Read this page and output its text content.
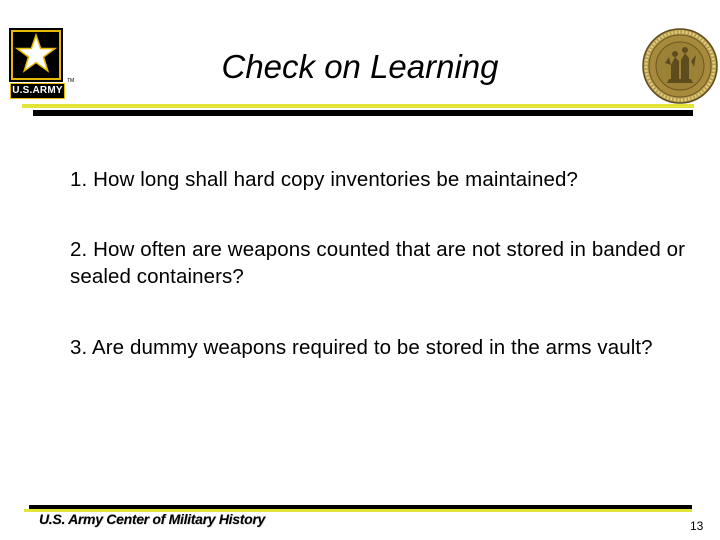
U.S.ARMY
TM	Check on Learning

1. How long shall hard copy inventories be maintained?

2. How often are weapons counted that are not stored in banded or sealed containers?

3. Are dummy weapons required to be stored in the arms vault?

U.S. Army Center of Military History	13
